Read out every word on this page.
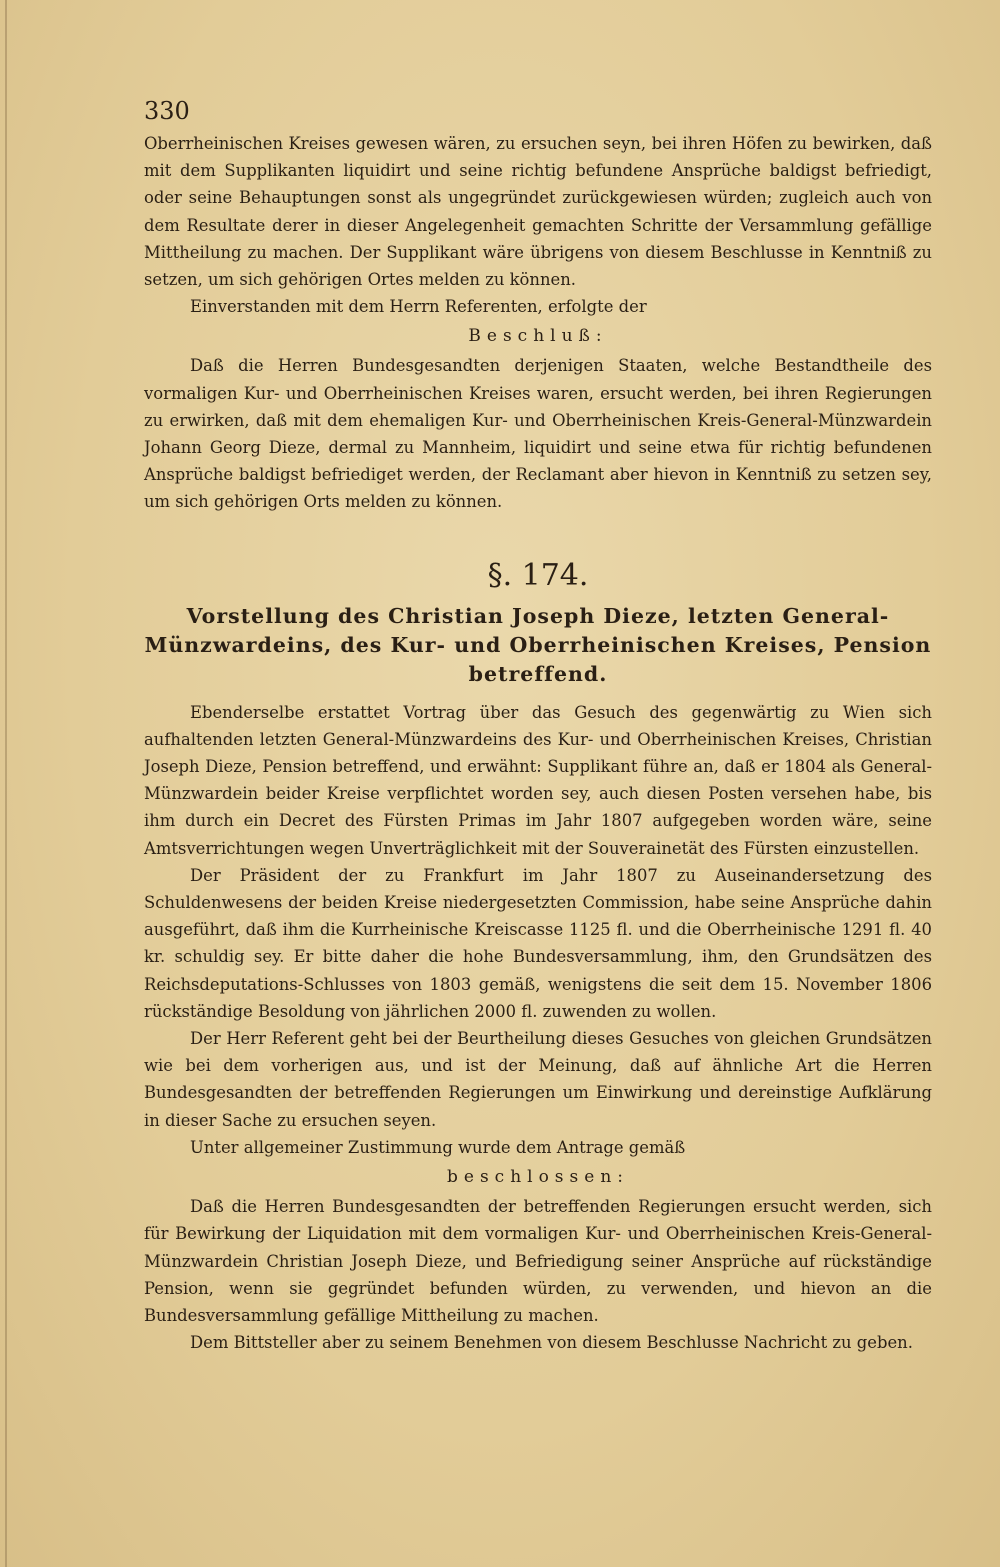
330

Oberrheinischen Kreises gewesen wären, zu ersuchen seyn, bei ihren Höfen zu bewirken, daß mit dem Supplikanten liquidirt und seine richtig befundene Ansprüche baldigst befriedigt, oder seine Behauptungen sonst als ungegründet zurückgewiesen würden; zugleich auch von dem Resultate derer in dieser Angelegenheit gemachten Schritte der Versammlung gefällige Mittheilung zu machen. Der Supplikant wäre übrigens von diesem Beschlusse in Kenntniß zu setzen, um sich gehörigen Ortes melden zu können.

Einverstanden mit dem Herrn Referenten, erfolgte der

Beschluß:

Daß die Herren Bundesgesandten derjenigen Staaten, welche Bestandtheile des vormaligen Kur- und Oberrheinischen Kreises waren, ersucht werden, bei ihren Regierungen zu erwirken, daß mit dem ehemaligen Kur- und Oberrheinischen Kreis-General-Münzwardein Johann Georg Dieze, dermal zu Mannheim, liquidirt und seine etwa für richtig befundenen Ansprüche baldigst befriediget werden, der Reclamant aber hievon in Kenntniß zu setzen sey, um sich gehörigen Orts melden zu können.

§. 174.
Vorstellung des Christian Joseph Dieze, letzten General-Münzwardeins, des Kur- und Oberrheinischen Kreises, Pension betreffend.

Ebenderselbe erstattet Vortrag über das Gesuch des gegenwärtig zu Wien sich aufhaltenden letzten General-Münzwardeins des Kur- und Oberrheinischen Kreises, Christian Joseph Dieze, Pension betreffend, und erwähnt: Supplikant führe an, daß er 1804 als General-Münzwardein beider Kreise verpflichtet worden sey, auch diesen Posten versehen habe, bis ihm durch ein Decret des Fürsten Primas im Jahr 1807 aufgegeben worden wäre, seine Amtsverrichtungen wegen Unverträglichkeit mit der Souverainetät des Fürsten einzustellen.

Der Präsident der zu Frankfurt im Jahr 1807 zu Auseinandersetzung des Schuldenwesens der beiden Kreise niedergesetzten Commission, habe seine Ansprüche dahin ausgeführt, daß ihm die Kurrheinische Kreiscasse 1125 fl. und die Oberrheinische 1291 fl. 40 kr. schuldig sey. Er bitte daher die hohe Bundesversammlung, ihm, den Grundsätzen des Reichsdeputations-Schlusses von 1803 gemäß, wenigstens die seit dem 15. November 1806 rückständige Besoldung von jährlichen 2000 fl. zuwenden zu wollen.

Der Herr Referent geht bei der Beurtheilung dieses Gesuches von gleichen Grundsätzen wie bei dem vorherigen aus, und ist der Meinung, daß auf ähnliche Art die Herren Bundesgesandten der betreffenden Regierungen um Einwirkung und dereinstige Aufklärung in dieser Sache zu ersuchen seyen.

Unter allgemeiner Zustimmung wurde dem Antrage gemäß

beschlossen:

Daß die Herren Bundesgesandten der betreffenden Regierungen ersucht werden, sich für Bewirkung der Liquidation mit dem vormaligen Kur- und Oberrheinischen Kreis-General-Münzwardein Christian Joseph Dieze, und Befriedigung seiner Ansprüche auf rückständige Pension, wenn sie gegründet befunden würden, zu verwenden, und hievon an die Bundesversammlung gefällige Mittheilung zu machen.

Dem Bittsteller aber zu seinem Benehmen von diesem Beschlusse Nachricht zu geben.
